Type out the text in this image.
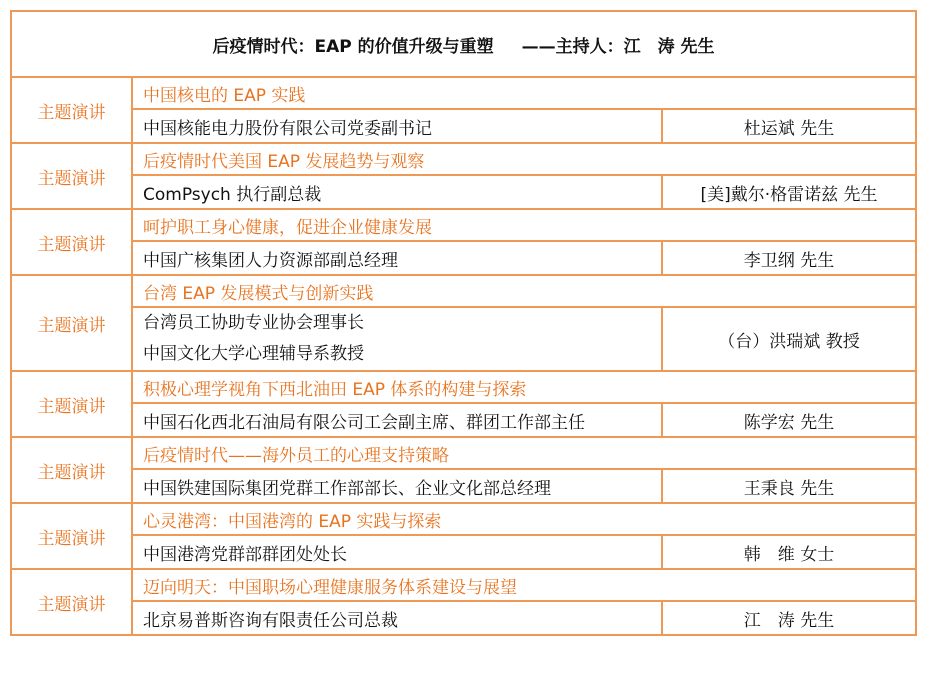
后疫情时代：EAP 的价值升级与重塑 ——主持人：江　涛 先生		
主题演讲	中国核电的 EAP 实践	

	中国核能电力股份有限公司党委副书记	杜运斌 先生
主题演讲	后疫情时代美国 EAP 发展趋势与观察	

	ComPsych 执行副总裁	[美]戴尔·格雷诺兹 先生
主题演讲	呵护职工身心健康，促进企业健康发展	

	中国广核集团人力资源部副总经理	李卫纲 先生
主题演讲	台湾 EAP 发展模式与创新实践	

	台湾员工协助专业协会理事长
中国文化大学心理辅导系教授	（台）洪瑞斌 教授
主题演讲	积极心理学视角下西北油田 EAP 体系的构建与探索	

	中国石化西北石油局有限公司工会副主席、群团工作部主任	陈学宏 先生
主题演讲	后疫情时代——海外员工的心理支持策略	

	中国铁建国际集团党群工作部部长、企业文化部总经理	王秉良 先生
主题演讲	心灵港湾：中国港湾的 EAP 实践与探索	

	中国港湾党群部群团处处长	韩　维 女士
主题演讲	迈向明天：中国职场心理健康服务体系建设与展望	

	北京易普斯咨询有限责任公司总裁	江　涛 先生
